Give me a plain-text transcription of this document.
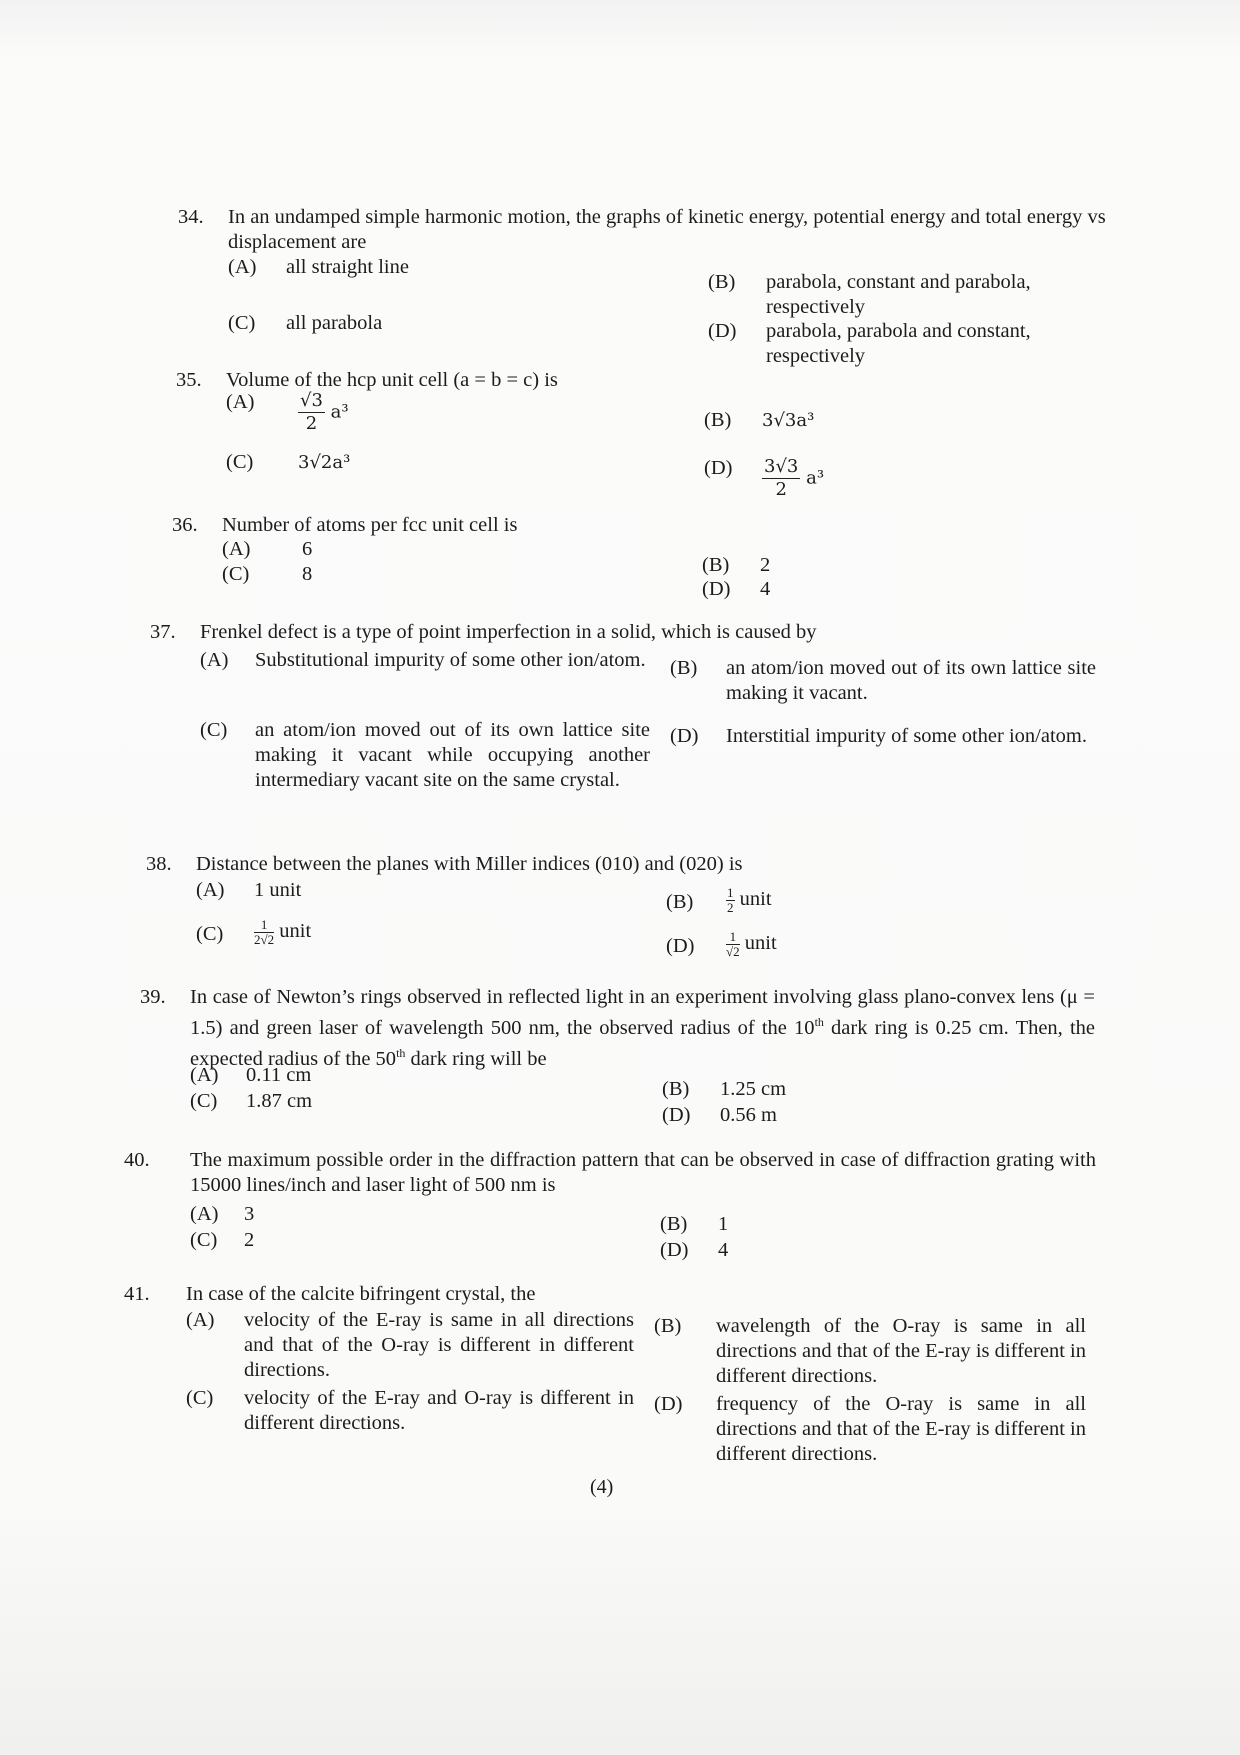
34. In an undamped simple harmonic motion, the graphs of kinetic energy, potential energy and total energy vs displacement are
(A) all straight line
(B) parabola, constant and parabola, respectively
(C) all parabola	(D) parabola, parabola and constant, respectively
35. Volume of the hcp unit cell (a = b = c) is
$(A) \frac{√3}{2} a^3$	(B) 3√3a³
(C) 3√2a³	$(D) \frac{3√3}{2} a^3$
36. Number of atoms per fcc unit cell is
(A)	6
(C)	8	(B) 2
(D) 4
37. Frenkel defect is a type of point imperfection in a solid, which is caused by
(A) Substitutional impurity of some other ion/atom. (B) an atom/ion moved out of its own lattice site making it vacant.
(C) an atom/ion moved out of its own lattice site making it vacant while occupying another intermediary vacant site on the same crystal.
(D) Interstitial impurity of some other ion/atom.
38. Distance between the planes with Miller indices (010) and (020) is
(A) 1 unit
(B)	$\frac{1}{2}$ unit
$(C) \frac{1}{2√2}$ unit
$(D) \frac{1}{√2}$ unit
39. In case of Newton’s rings observed in reflected light in an experiment involving glass plano-convex lens (μ = 1.5) and green laser of wavelength 500 nm, the observed radius of the 10th dark ring is 0.25 cm. Then, the expected radius of the 50th dark ring will be
(A) 0.11 cm
(C) 1.87 cm
(B) 1.25 cm
(D) 0.56 m
40. The maximum possible order in the diffraction pattern that can be observed in case of diffraction grating with 15000 lines/inch and laser light of 500 nm is
(A) 3
(C) 2
(B) 1
(D) 4
41. In case of the calcite bifringent crystal, the
(A) velocity of the E-ray is same in all directions and that of the O-ray is different in different directions.
(B) wavelength of the O-ray is same in all directions and that of the E-ray is different in different directions.
(C) velocity of the E-ray and O-ray is different in different directions.
(D) frequency of the O-ray is same in all directions and that of the E-ray is different in different directions.
(4)
